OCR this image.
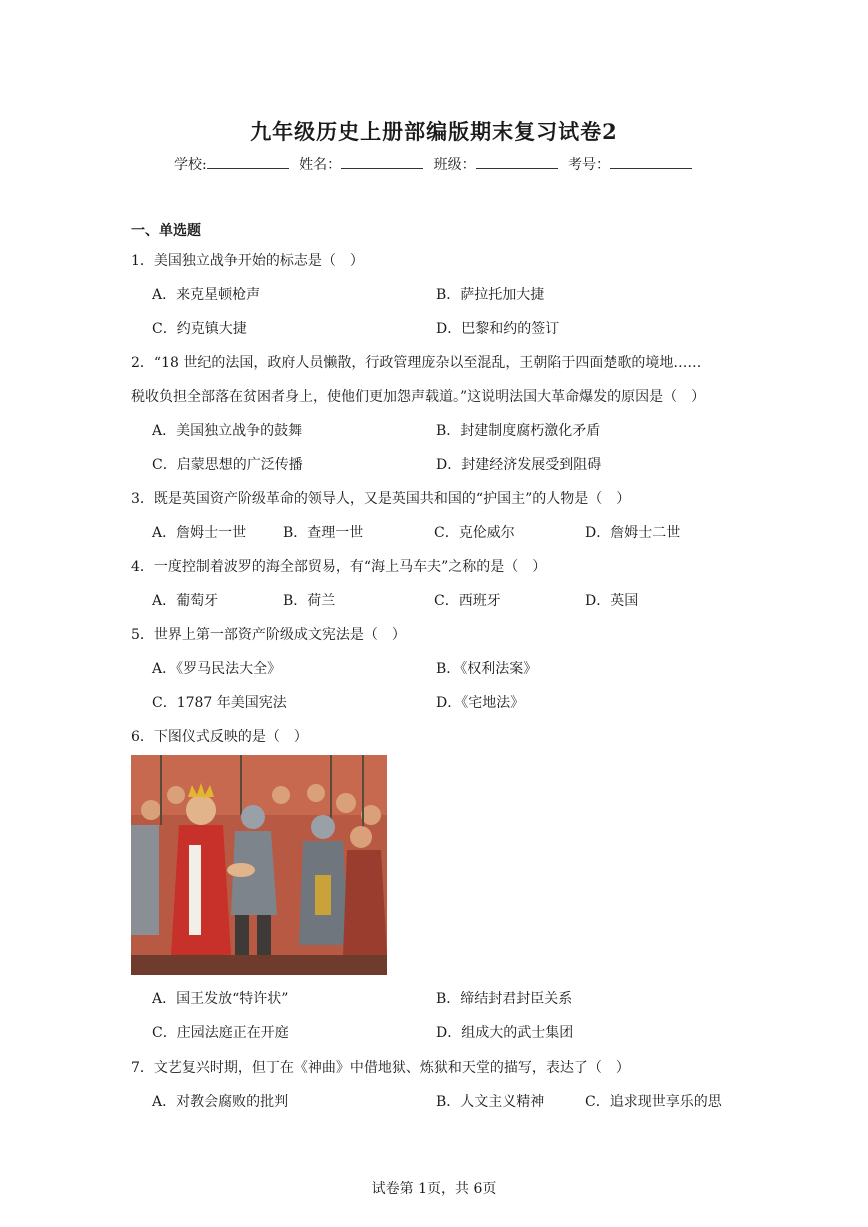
九年级历史上册部编版期末复习试卷2
学校:	姓名：	班级：	考号：
一、单选题
1．美国独立战争开始的标志是（　）
A．来克星顿枪声	B．萨拉托加大捷
C．约克镇大捷	D．巴黎和约的签订
2．“18 世纪的法国，政府人员懒散，行政管理庞杂以至混乱，王朝陷于四面楚歌的境地……
税收负担全部落在贫困者身上，使他们更加怨声载道。”这说明法国大革命爆发的原因是（　）
A．美国独立战争的鼓舞	B．封建制度腐朽激化矛盾
C．启蒙思想的广泛传播	D．封建经济发展受到阻碍
3．既是英国资产阶级革命的领导人，又是英国共和国的“护国主”的人物是（　）
A．詹姆士一世	B．查理一世	C．克伦威尔	D．詹姆士二世
4．一度控制着波罗的海全部贸易，有“海上马车夫”之称的是（　）
A．葡萄牙	B．荷兰	C．西班牙	D．英国
5．世界上第一部资产阶级成文宪法是（　）
A．《罗马民法大全》	B．《权利法案》
C．1787 年美国宪法	D．《宅地法》
6．下图仪式反映的是（　）
A．国王发放“特许状”	B．缔结封君封臣关系
C．庄园法庭正在开庭	D．组成大的武士集团
7．文艺复兴时期，但丁在《神曲》中借地狱、炼狱和天堂的描写，表达了（　）
A．对教会腐败的批判	B．人文主义精神	C．追求现世享乐的思
试卷第 1页，共 6页
